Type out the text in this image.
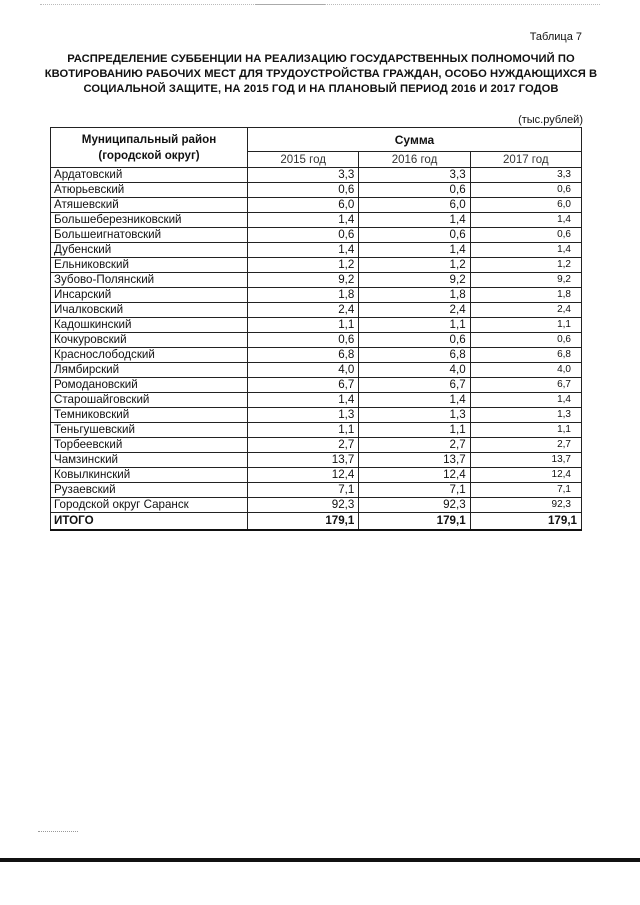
Таблица 7
РАСПРЕДЕЛЕНИЕ СУББЕНЦИИ НА РЕАЛИЗАЦИЮ ГОСУДАРСТВЕННЫХ ПОЛНОМОЧИЙ ПО КВОТИРОВАНИЮ РАБОЧИХ МЕСТ ДЛЯ ТРУДОУСТРОЙСТВА ГРАЖДАН, ОСОБО НУЖДАЮЩИХСЯ В СОЦИАЛЬНОЙ ЗАЩИТЕ, НА 2015 ГОД И НА ПЛАНОВЫЙ ПЕРИОД 2016 И 2017 ГОДОВ
(тыс.рублей)
Муниципальный район (городской округ)	Сумма		
	2015 год	2016 год	2017 год
Ардатовский	3,3	3,3	3,3
Атюрьевский	0,6	0,6	0,6
Атяшевский	6,0	6,0	6,0
Большеберезниковский	1,4	1,4	1,4
Большеигнатовский	0,6	0,6	0,6
Дубенский	1,4	1,4	1,4
Ельниковский	1,2	1,2	1,2
Зубово-Полянский	9,2	9,2	9,2
Инсарский	1,8	1,8	1,8
Ичалковский	2,4	2,4	2,4
Кадошкинский	1,1	1,1	1,1
Кочкуровский	0,6	0,6	0,6
Краснослободский	6,8	6,8	6,8
Лямбирский	4,0	4,0	4,0
Ромодановский	6,7	6,7	6,7
Старошайговский	1,4	1,4	1,4
Темниковский	1,3	1,3	1,3
Теньгушевский	1,1	1,1	1,1
Торбеевский	2,7	2,7	2,7
Чамзинский	13,7	13,7	13,7
Ковылкинский	12,4	12,4	12,4
Рузаевский	7,1	7,1	7,1
Городской округ Саранск	92,3	92,3	92,3
ИТОГО	179,1	179,1	179,1
